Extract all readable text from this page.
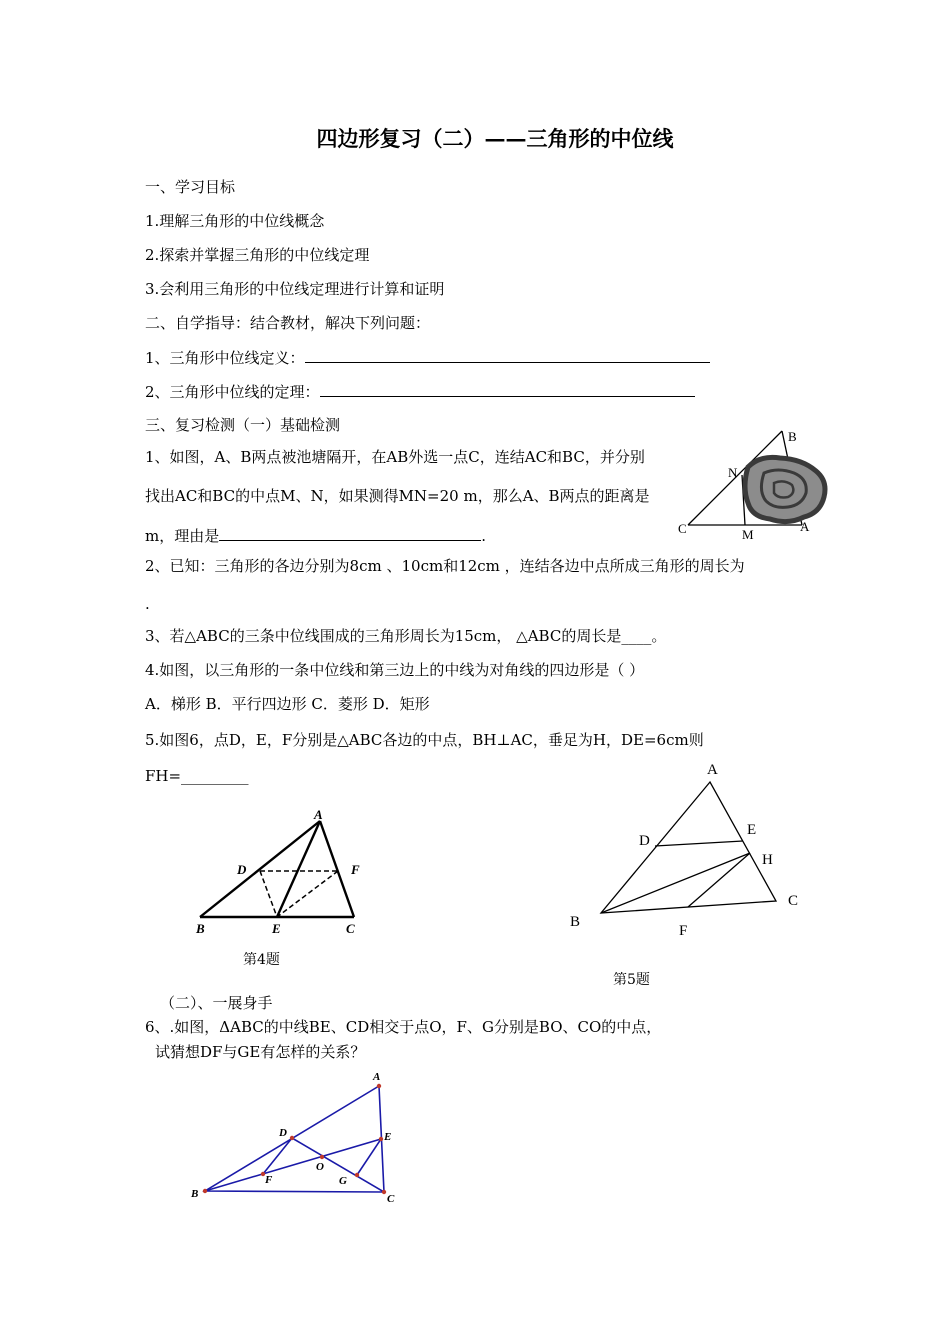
四边形复习（二）——三角形的中位线
一、学习目标
1.理解三角形的中位线概念
2.探索并掌握三角形的中位线定理
3.会利用三角形的中位线定理进行计算和证明
二、自学指导：结合教材，解决下列问题：
1、三角形中位线定义：
2、三角形中位线的定理：
三、复习检测（一）基础检测
1、如图，A、B两点被池塘隔开，在AB外选一点C，连结AC和BC，并分别
找出AC和BC的中点M、N，如果测得MN=20 m，那么A、B两点的距离是
m，理由是	.
B
N
C	M
A
2、已知：三角形的各边分别为8cm 、10cm和12cm ，连结各边中点所成三角形的周长为
.
3、若△ABC的三条中位线围成的三角形周长为15cm， △ABC的周长是____。
4.如图，以三角形的一条中位线和第三边上的中线为对角线的四边形是（ ）
A．梯形 B．平行四边形 C．菱形 D．矩形
5.如图6，点D，E，F分别是△ABC各边的中点，BH⊥AC，垂足为H，DE=6cm则
FH=_________
A
D	F
B	E	C
第4题
A
D
E
H
B
C
F
第5题
（二）、一展身手
6、.如图，ΔABC的中线BE、CD相交于点O，F、G分别是BO、CO的中点，
试猜想DF与GE有怎样的关系？
A
D	E
O
F	G
B	C
